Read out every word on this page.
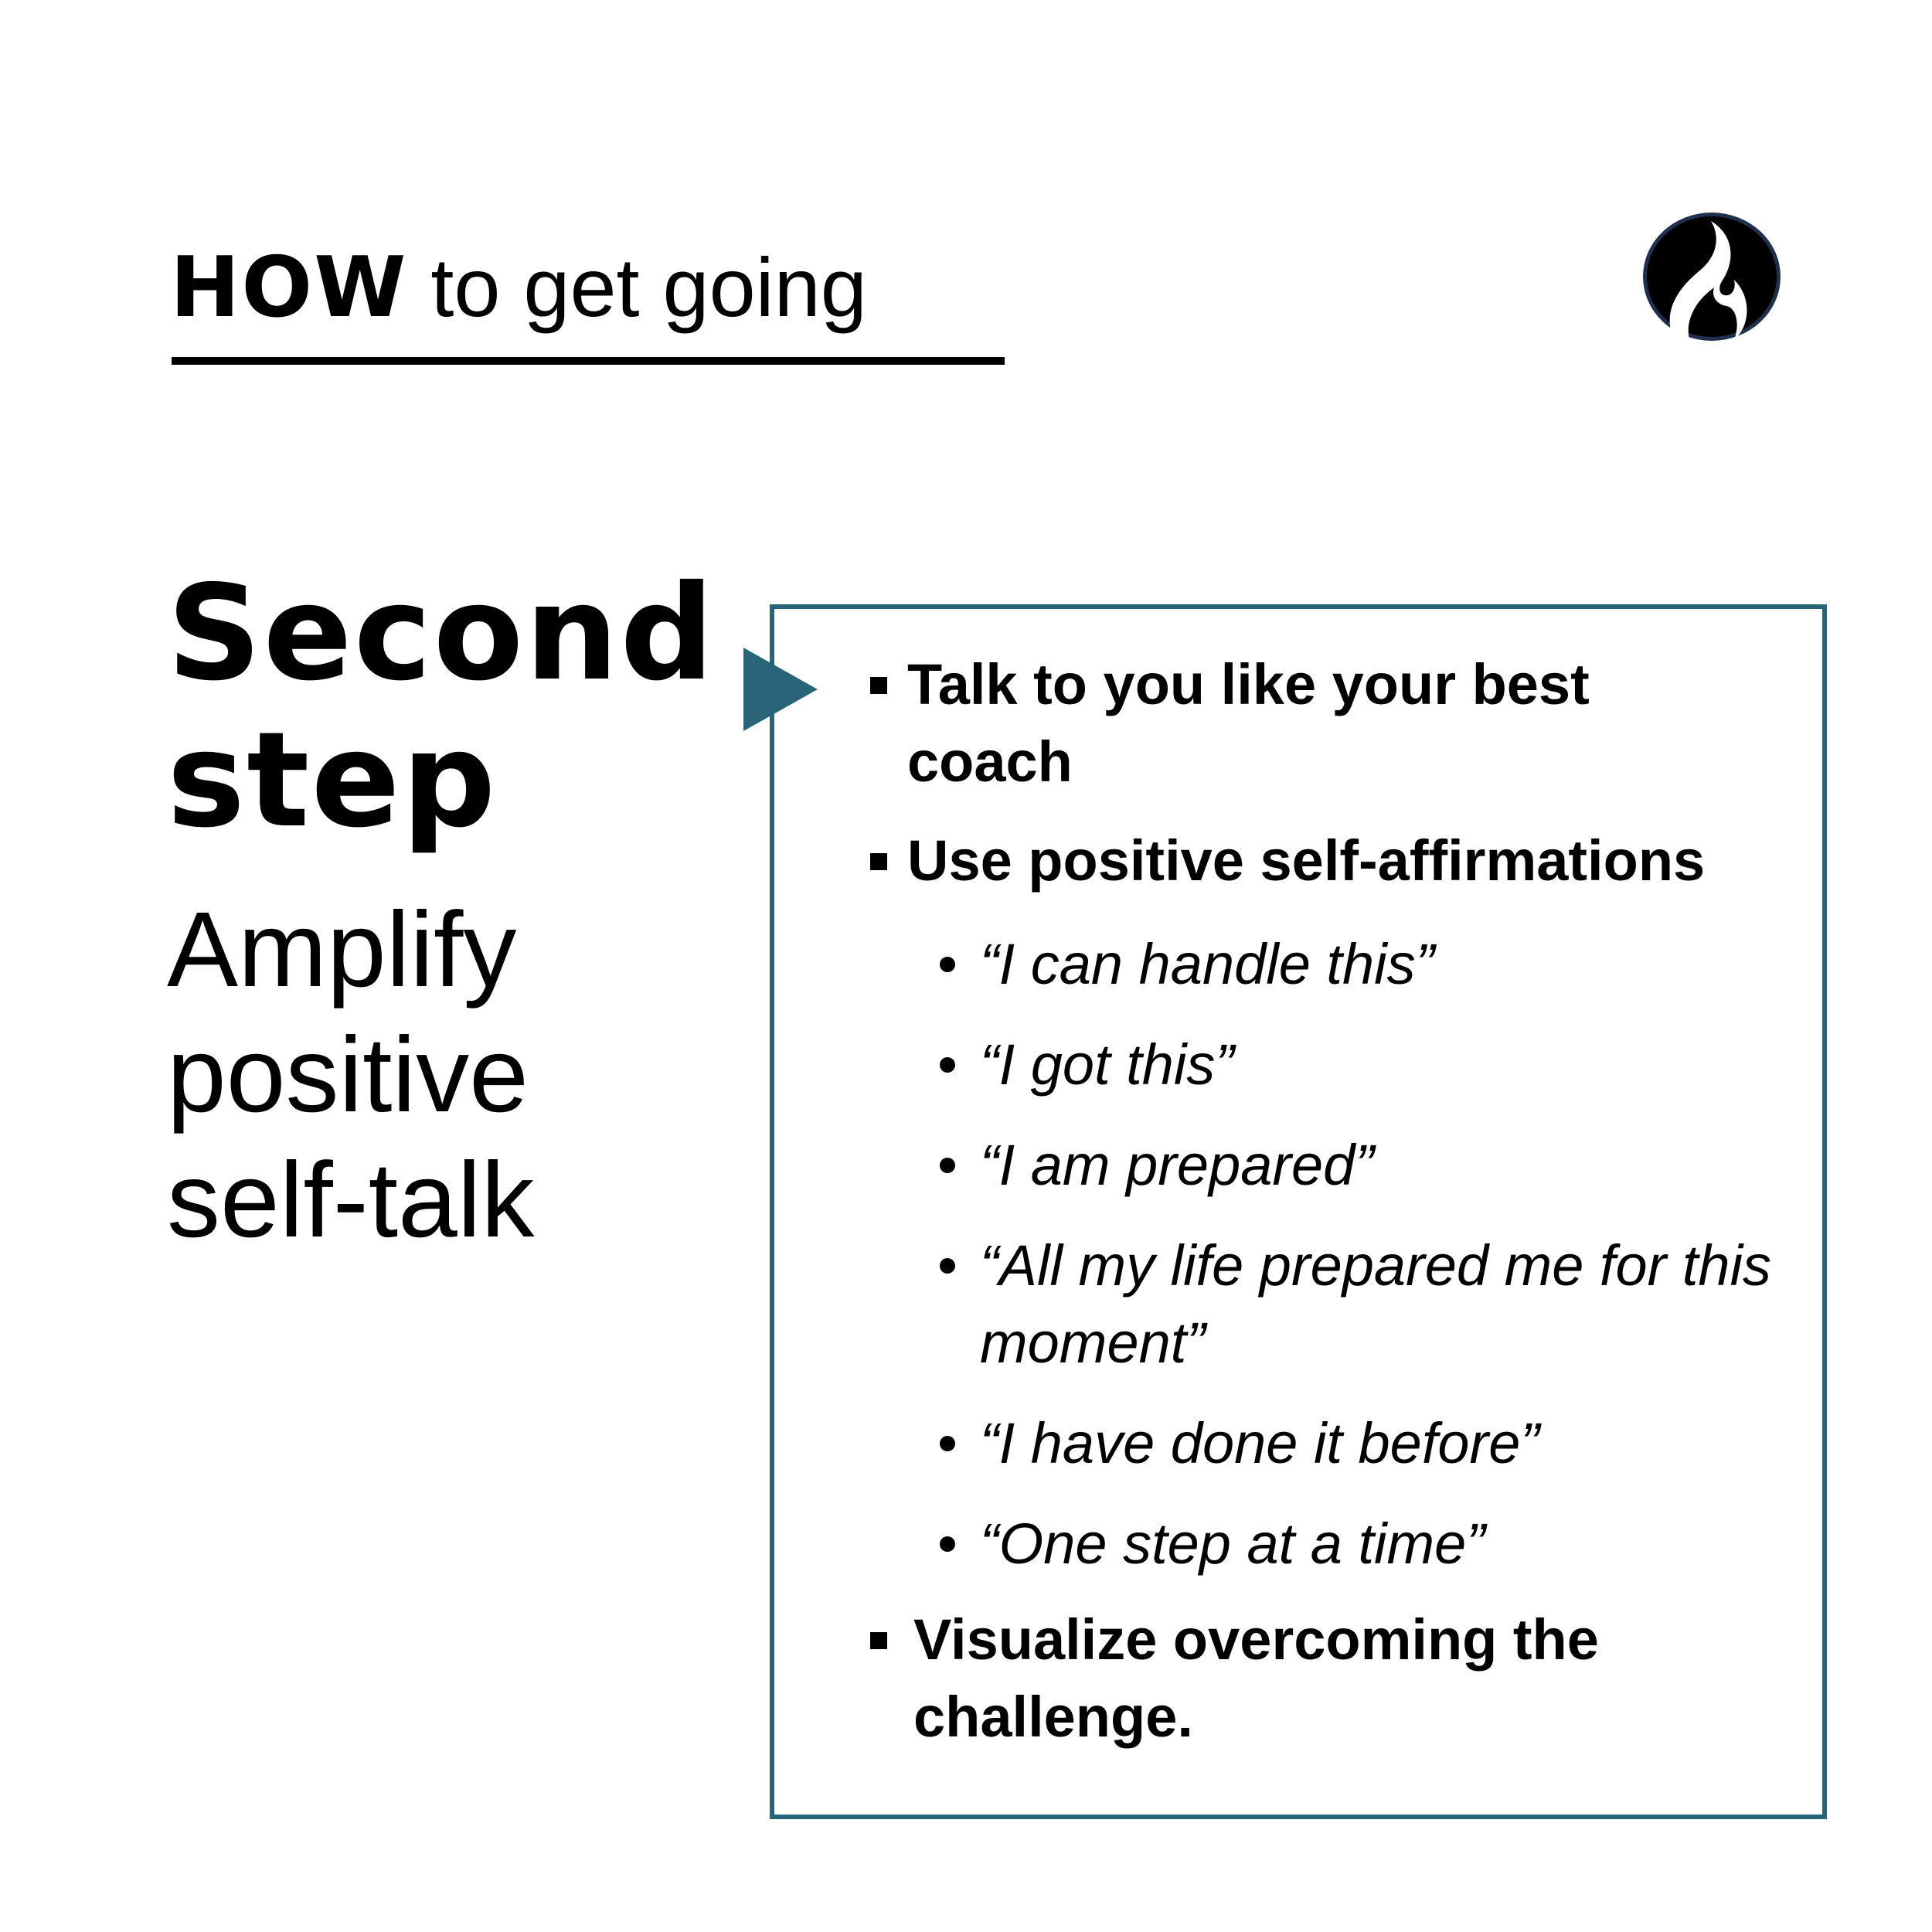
HOW to get going
Second step
Amplify positive self-talk
Talk to you like your best coach
Use positive self-affirmations
“I can handle this”
“I got this”
“I am prepared”
“All my life prepared me for this moment”
“I have done it before”
“One step at a time”
Visualize overcoming the challenge.
